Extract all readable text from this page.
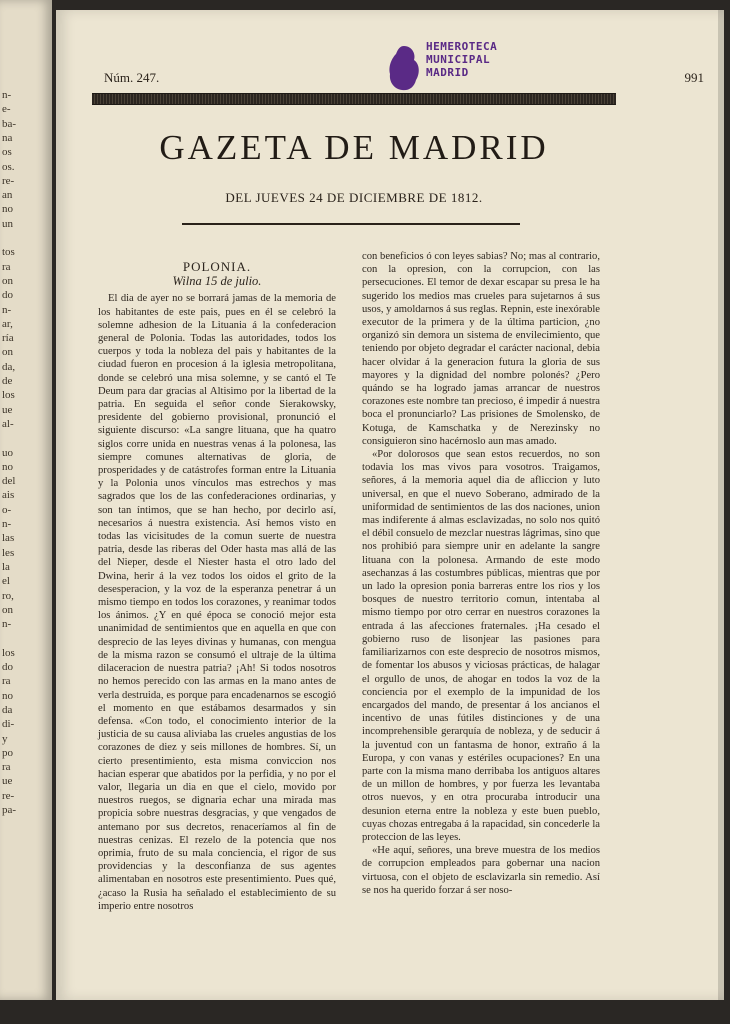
n-
e-
ba-
na
os
os.
re-
an
no
un
tos
ra
on
do
n-
ar,
ría
on
da,
de
los
ue
al-
uo
no
del
ais
o-
n-
las
les
la
el
ro,
on
n-
los
do
ra
no
da
di-
y
po
ra
ue
re-
pa-
HEMEROTECA
MUNICIPAL
MADRID
Núm. 247.	991
GAZETA DE MADRID
DEL JUEVES 24 DE DICIEMBRE DE 1812.
POLONIA.
Wilna 15 de julio.

El dia de ayer no se borrará jamas de la memoria de los habitantes de este pais, pues en él se celebró la solemne adhesion de la Lituania á la confederacion general de Polonia. Todas las autoridades, todos los cuerpos y toda la nobleza del pais y habitantes de la ciudad fueron en procesion á la iglesia metropolitana, donde se celebró una misa solemne, y se cantó el Te Deum para dar gracias al Altisimo por la libertad de la patria. En seguida el señor conde Sierakowsky, presidente del gobierno provisional, pronunció el siguiente discurso: «La sangre lituana, que ha quatro siglos corre unida en nuestras venas á la polonesa, las siempre comunes alternativas de gloria, de prosperidades y de catástrofes forman entre la Lituania y la Polonia unos vínculos mas estrechos y mas sagrados que los de las confederaciones ordinarias, y son tan íntimos, que se han hecho, por decirlo así, necesarios á nuestra existencia. Así hemos visto en todas las vicisitudes de la comun suerte de nuestra patria, desde las riberas del Oder hasta mas allá de las del Nieper, desde el Niester hasta el otro lado del Dwina, herir á la vez todos los oidos el grito de la desesperacion, y la voz de la esperanza penetrar á un mismo tiempo en todos los corazones, y reanimar todos los ánimos. ¿Y en qué época se conoció mejor esta unanimidad de sentimientos que en aquella en que con desprecio de las leyes divinas y humanas, con mengua de la misma razon se consumó el ultraje de la última dilaceracion de nuestra patria? ¡Ah! Si todos nosotros no hemos perecido con las armas en la mano antes de verla destruida, es porque para encadenarnos se escogió el momento en que estábamos desarmados y sin defensa. «Con todo, el conocimiento interior de la justicia de su causa aliviaba las crueles angustias de los corazones de diez y seis millones de hombres. Sí, un cierto presentimiento, esta misma conviccion nos hacian esperar que abatidos por la perfidia, y no por el valor, llegaria un dia en que el cielo, movido por nuestros ruegos, se dignaria echar una mirada mas propicia sobre nuestras desgracias, y que vengados de antemano por sus decretos, renaceríamos al fin de nuestras cenizas. El rezelo de la potencia que nos oprimia, fruto de su mala conciencia, el rigor de sus providencias y la desconfianza de sus agentes alimentaban en nosotros este presentimiento. Pues qué, ¿acaso la Rusia ha señalado el establecimiento de su imperio entre nosotros

con beneficios ó con leyes sabias? No; mas al contrario, con la opresion, con la corrupcion, con las persecuciones. El temor de dexar escapar su presa le ha sugerido los medios mas crueles para sujetarnos á sus usos, y amoldarnos á sus reglas. Repnin, este inexórable executor de la primera y de la última particion, ¿no organizó sin demora un sistema de envilecimiento, que teniendo por objeto degradar el carácter nacional, debia hacer olvidar á la generacion futura la gloria de sus mayores y la dignidad del nombre polonés? ¿Pero quándo se ha logrado jamas arrancar de nuestros corazones este nombre tan precioso, é impedir á nuestra boca el pronunciarlo? Las prisiones de Smolensko, de Kotuga, de Kamschatka y de Nerezinsky no consiguieron sino hacérnoslo aun mas amado.

«Por dolorosos que sean estos recuerdos, no son todavia los mas vivos para vosotros. Traigamos, señores, á la memoria aquel dia de afliccion y luto universal, en que el nuevo Soberano, admirado de la uniformidad de sentimientos de las dos naciones, union mas indiferente á almas esclavizadas, no solo nos quitó el débil consuelo de mezclar nuestras lágrimas, sino que nos prohibió para siempre unir en adelante la sangre lituana con la polonesa. Armando de este modo asechanzas á las costumbres públicas, mientras que por un lado la opresion ponia barreras entre los rios y los bosques de nuestro territorio comun, intentaba al mismo tiempo por otro cerrar en nuestros corazones la entrada á las afecciones fraternales. ¡Ha cesado el gobierno ruso de lisonjear las pasiones para familiarizarnos con este desprecio de nosotros mismos, de fomentar los abusos y viciosas prácticas, de halagar el orgullo de unos, de ahogar en todos la voz de la conciencia por el exemplo de la impunidad de los encargados del mando, de presentar á los ancianos el incentivo de unas fútiles distinciones y de una incomprehensible gerarquía de nobleza, y de seducir á la juventud con un fantasma de honor, extraño á la Europa, y con vanas y estériles ocupaciones? En una parte con la misma mano derribaba los antiguos altares de un millon de hombres, y por fuerza les levantaba otros nuevos, y en otra procuraba introducir una desunion eterna entre la nobleza y este buen pueblo, cuyas chozas entregaba á la rapacidad, sin concederle la proteccion de las leyes.

«He aquí, señores, una breve muestra de los medios de corrupcion empleados para gobernar una nacion virtuosa, con el objeto de esclavizarla sin remedio. Así se nos ha querido forzar á ser noso-
